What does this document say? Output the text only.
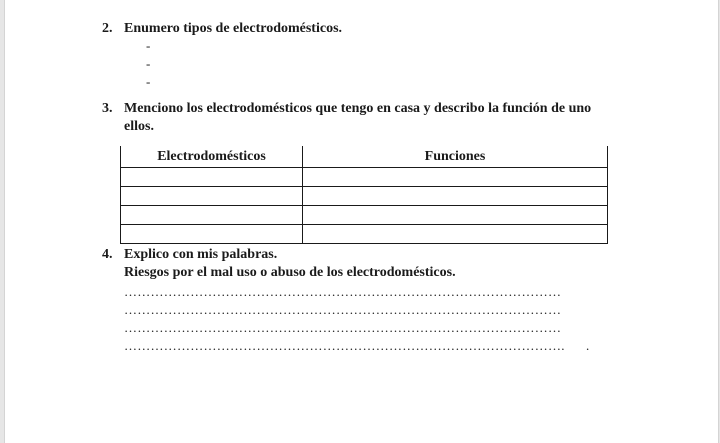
2. Enumero tipos de electrodomésticos.
-
-
-
3. Menciono los electrodomésticos que tengo en casa y describo la función de uno
ellos.
Electrodomésticos	Funciones

4. Explico con mis palabras.
Riesgos por el mal uso o abuso de los electrodomésticos.
………………………………………………………………………………………
………………………………………………………………………………………
………………………………………………………………………………………
……………………………………………………………………………………….	.
